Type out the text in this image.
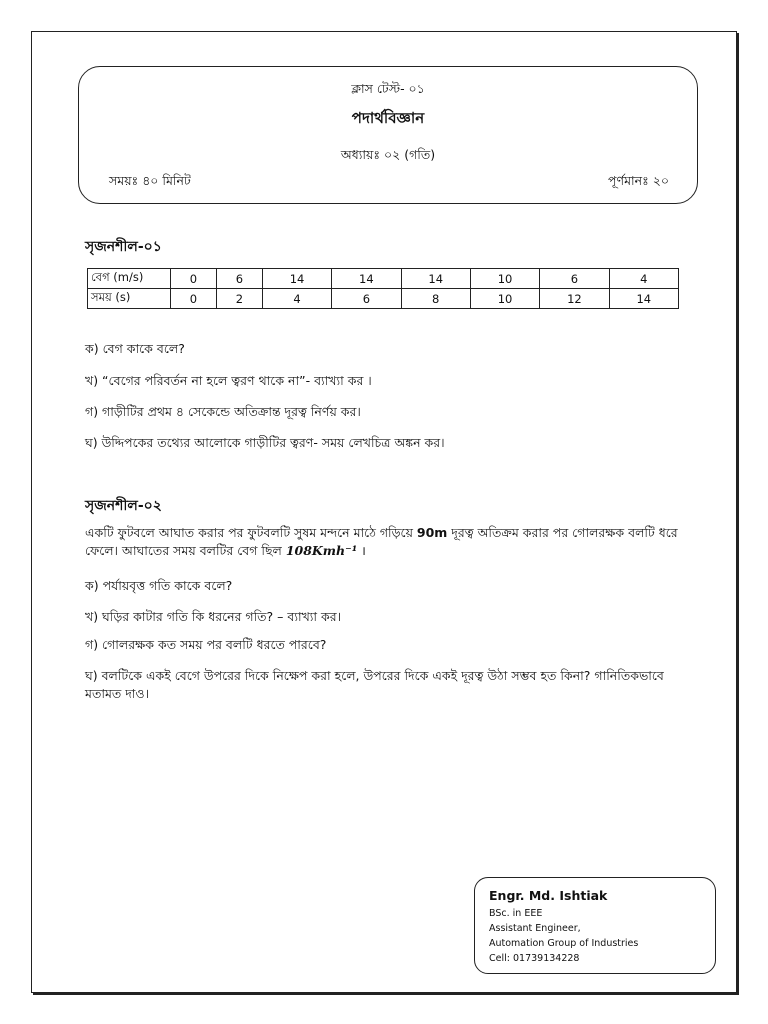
ক্লাস টেস্ট- ০১
পদার্থবিজ্ঞান
অধ্যায়ঃ ০২ (গতি)
সময়ঃ ৪০ মিনিট	পূর্ণমানঃ ২০
সৃজনশীল-০১
বেগ (m/s)	0	6	14	14	14	10	6	4
সময় (s)	0	2	4	6	8	10	12	14
ক) বেগ কাকে বলে?
খ) “বেগের পরিবর্তন না হলে ত্বরণ থাকে না”- ব্যাখ্যা কর ।
গ) গাড়ীটির প্রথম ৪ সেকেন্ডে অতিক্রান্ত দূরত্ব নির্ণয় কর।
ঘ) উদ্দিপকের তথ্যের আলোকে গাড়ীটির ত্বরণ- সময় লেখচিত্র অঙ্কন কর।
সৃজনশীল-০২
একটি ফুটবলে আঘাত করার পর ফুটবলটি সুষম মন্দনে মাঠে গড়িয়ে 90m দূরত্ব অতিক্রম করার পর গোলরক্ষক বলটি ধরে ফেলে। আঘাতের সময় বলটির বেগ ছিল 108Kmh⁻¹ ।
ক) পর্যায়বৃত্ত গতি কাকে বলে?
খ) ঘড়ির কাটার গতি কি ধরনের গতি? – ব্যাখ্যা কর।
গ) গোলরক্ষক কত সময় পর বলটি ধরতে পারবে?
ঘ) বলটিকে একই বেগে উপরের দিকে নিক্ষেপ করা হলে, উপরের দিকে একই দূরত্ব উঠা সম্ভব হত কিনা? গানিতিকভাবে মতামত দাও।
Engr. Md. Ishtiak
BSc. in EEE
Assistant Engineer,
Automation Group of Industries
Cell: 01739134228
